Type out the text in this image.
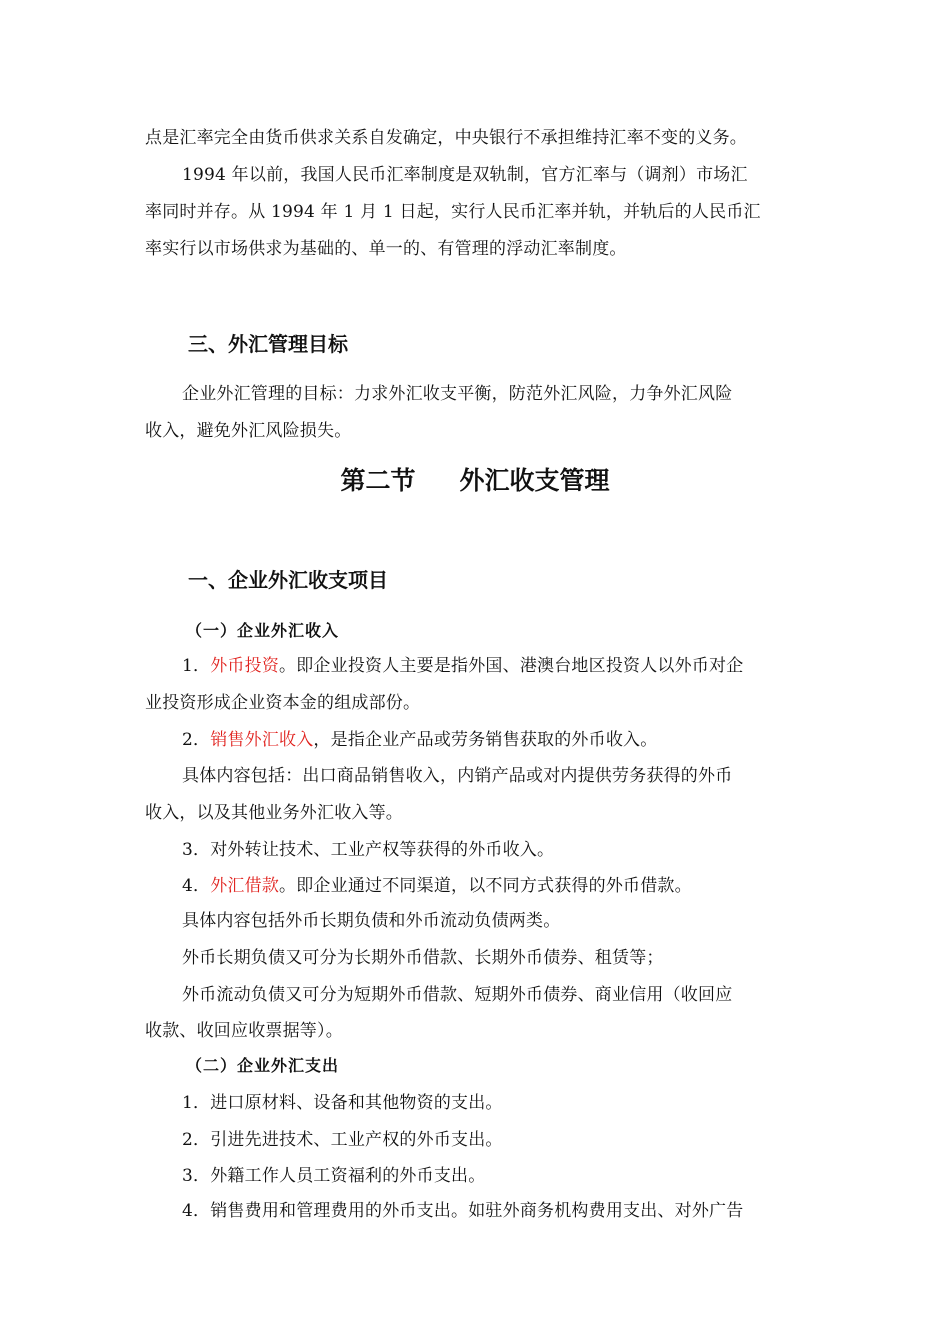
点是汇率完全由货币供求关系自发确定，中央银行不承担维持汇率不变的义务。
1994 年以前，我国人民币汇率制度是双轨制，官方汇率与（调剂）市场汇
率同时并存。从 1994 年 1 月 1 日起，实行人民币汇率并轨，并轨后的人民币汇
率实行以市场供求为基础的、单一的、有管理的浮动汇率制度。
三、外汇管理目标
企业外汇管理的目标：力求外汇收支平衡，防范外汇风险，力争外汇风险
收入，避免外汇风险损失。
第二节 外汇收支管理
一、企业外汇收支项目
（一）企业外汇收入
1．外币投资。即企业投资人主要是指外国、港澳台地区投资人以外币对企
业投资形成企业资本金的组成部份。
2．销售外汇收入，是指企业产品或劳务销售获取的外币收入。
具体内容包括：出口商品销售收入，内销产品或对内提供劳务获得的外币
收入，以及其他业务外汇收入等。
3．对外转让技术、工业产权等获得的外币收入。
4．外汇借款。即企业通过不同渠道，以不同方式获得的外币借款。
具体内容包括外币长期负债和外币流动负债两类。
外币长期负债又可分为长期外币借款、长期外币债券、租赁等；
外币流动负债又可分为短期外币借款、短期外币债券、商业信用（收回应
收款、收回应收票据等）。
（二）企业外汇支出
1．进口原材料、设备和其他物资的支出。
2．引进先进技术、工业产权的外币支出。
3．外籍工作人员工资福利的外币支出。
4．销售费用和管理费用的外币支出。如驻外商务机构费用支出、对外广告
